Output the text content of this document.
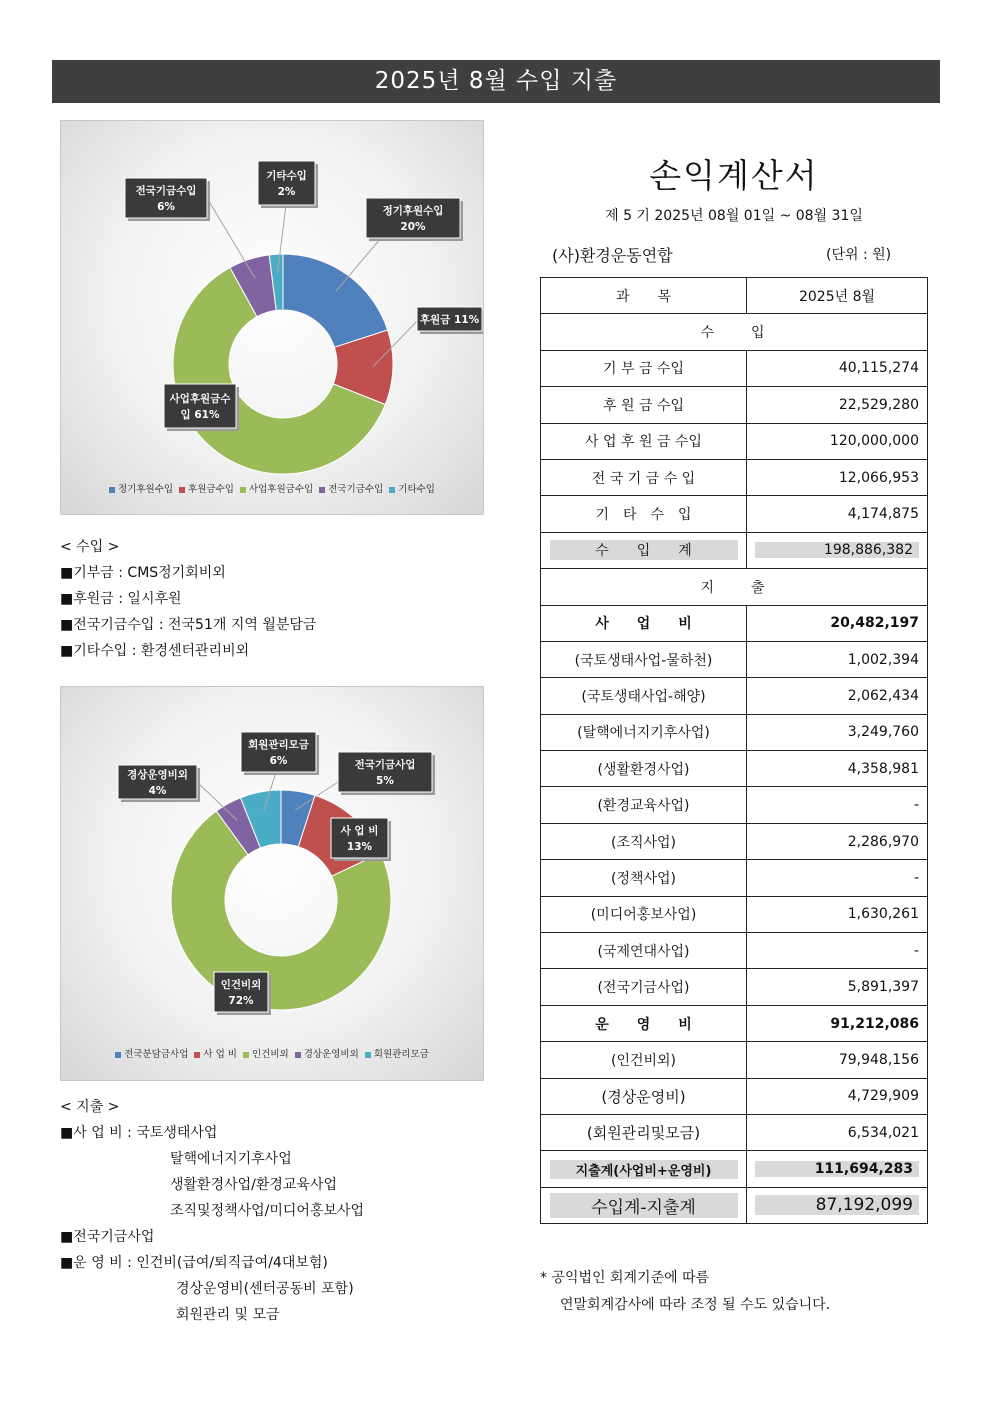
2025년 8월 수입 지출
정기후원수입
20%
후원금 11%
사업후원금수
입 61%
전국기금수입
6%
기타수입
2%
정기후원수입 후원금수입 사업후원금수입 전국기금수입 기타수입
< 수입 >
■기부금 : CMS정기회비외
■후원금 : 일시후원
■전국기금수입 : 전국51개 지역 월분담금
■기타수입 : 환경센터관리비외
전국기금사업
5%
사 업 비
13%
인건비외
72%
경상운영비외
4%
회원관리모금
6%
전국분담금사업 사 업 비 인건비외 경상운영비외 회원관리모금
< 지출 >
■사 업 비 : 국토생태사업
탈핵에너지기후사업
생활환경사업/환경교육사업
조직및정책사업/미디어홍보사업
■전국기금사업
■운 영 비 : 인건비(급여/퇴직급여/4대보험)
경상운영비(센터공동비 포함)
회원관리 및 모금
손익계산서
제 5 기 2025년 08월 01일 ~ 08월 31일
(사)환경운동연합	(단위 : 원)
과　　목	2025년 8월
수　　입	
기 부 금 수입	40,115,274
후 원 금 수입	22,529,280
사 업 후 원 금 수입	120,000,000
전 국 기 금 수 입	12,066,953
기　타　수　입	4,174,875
수　　입　　계	198,886,382
지　　출	
사　　업　　비	20,482,197
(국토생태사업-물하천)	1,002,394
(국토생태사업-해양)	2,062,434
(탈핵에너지기후사업)	3,249,760
(생활환경사업)	4,358,981
(환경교육사업)	-
(조직사업)	2,286,970
(정책사업)	-
(미디어홍보사업)	1,630,261
(국제연대사업)	-
(전국기금사업)	5,891,397
운　　영　　비	91,212,086
(인건비외)	79,948,156
(경상운영비)	4,729,909
(회원관리및모금)	6,534,021
지출계(사업비+운영비)	111,694,283
수입계-지출계	87,192,099
* 공익법인 회계기준에 따름
연말회계감사에 따라 조정 될 수도 있습니다.
